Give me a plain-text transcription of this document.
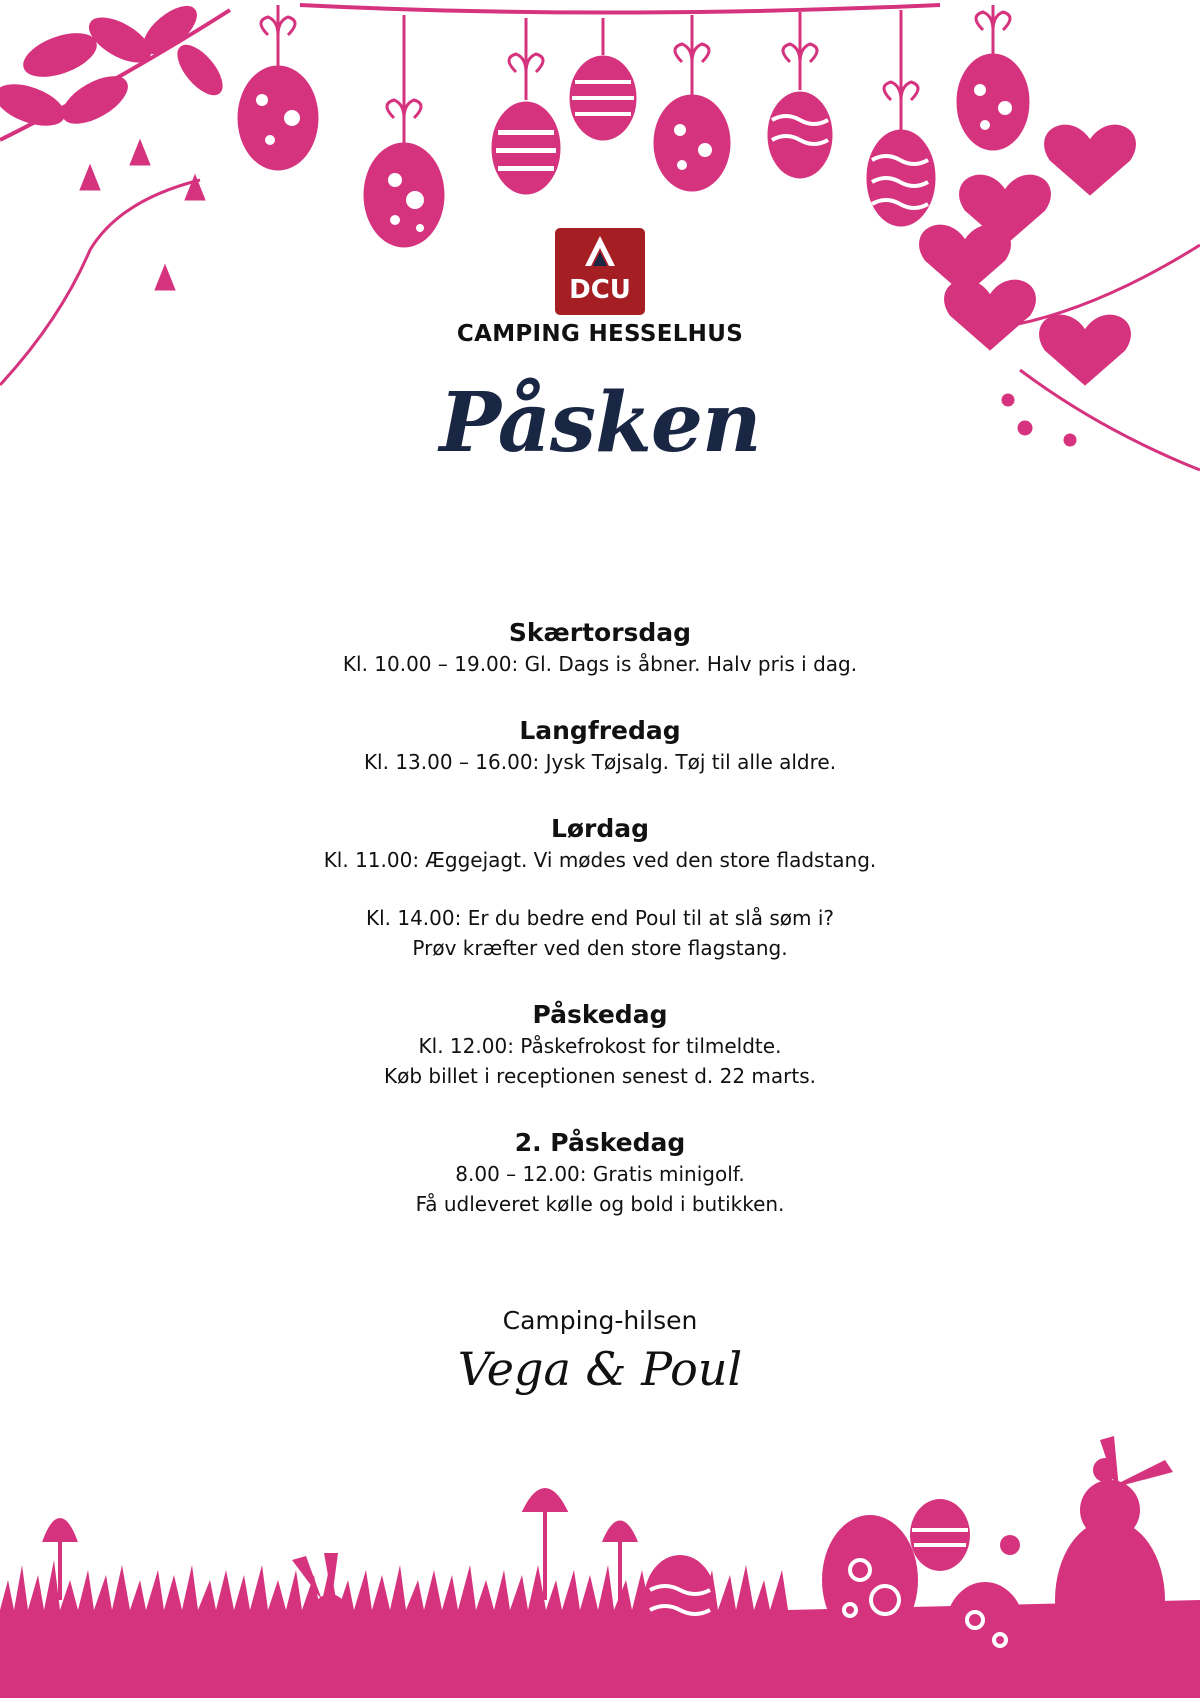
DCU
CAMPING HESSELHUS
Påsken
Skærtorsdag
Kl. 10.00 – 19.00: Gl. Dags is åbner. Halv pris i dag.
Langfredag
Kl. 13.00 – 16.00: Jysk Tøjsalg. Tøj til alle aldre.
Lørdag
Kl. 11.00: Æggejagt. Vi mødes ved den store fladstang.
Kl. 14.00: Er du bedre end Poul til at slå søm i?
Prøv kræfter ved den store flagstang.
Påskedag
Kl. 12.00: Påskefrokost for tilmeldte.
Køb billet i receptionen senest d. 22 marts.
2. Påskedag
8.00 – 12.00: Gratis minigolf.
Få udleveret kølle og bold i butikken.
Camping-hilsen
Vega & Poul
